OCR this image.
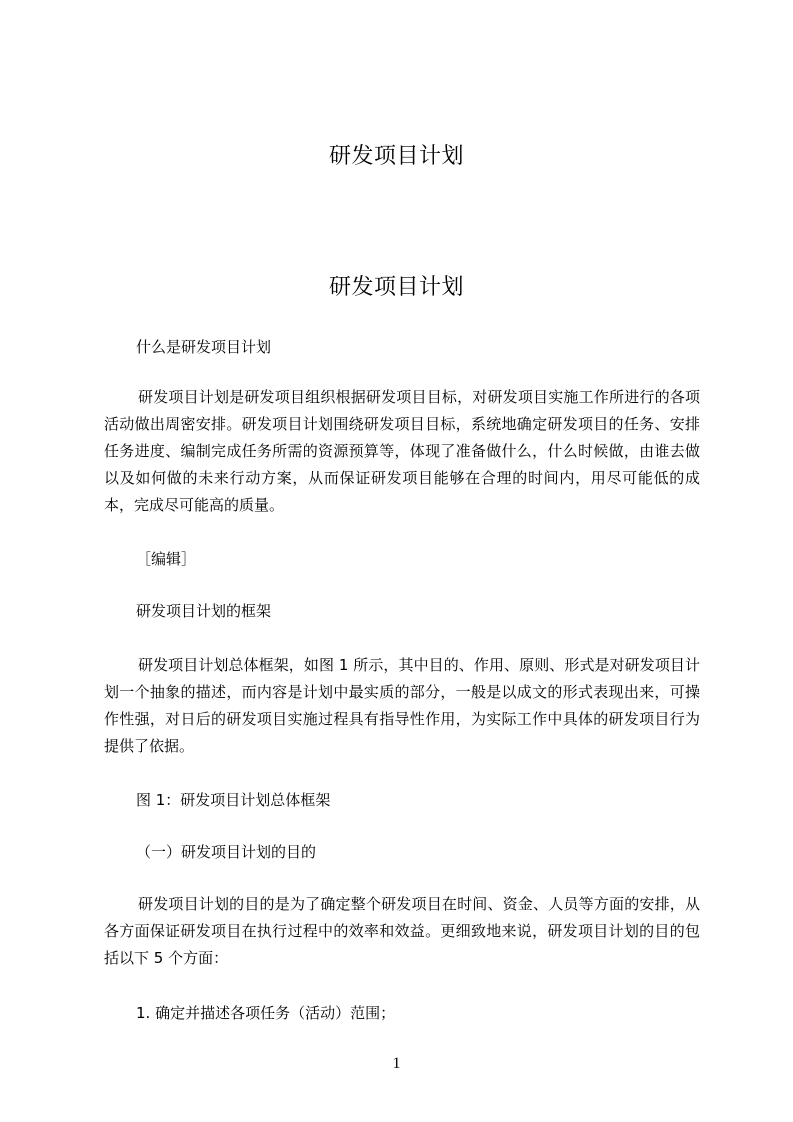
研发项目计划
研发项目计划

什么是研发项目计划

研发项目计划是研发项目组织根据研发项目目标，对研发项目实施工作所进行的各项活动做出周密安排。研发项目计划围绕研发项目目标，系统地确定研发项目的任务、安排任务进度、编制完成任务所需的资源预算等，体现了准备做什么，什么时候做，由谁去做以及如何做的未来行动方案，从而保证研发项目能够在合理的时间内，用尽可能低的成本，完成尽可能高的质量。

［编辑］

研发项目计划的框架

研发项目计划总体框架，如图 1 所示，其中目的、作用、原则、形式是对研发项目计划一个抽象的描述，而内容是计划中最实质的部分，一般是以成文的形式表现出来，可操作性强，对日后的研发项目实施过程具有指导性作用，为实际工作中具体的研发项目行为提供了依据。

图 1：研发项目计划总体框架

（一）研发项目计划的目的

研发项目计划的目的是为了确定整个研发项目在时间、资金、人员等方面的安排，从各方面保证研发项目在执行过程中的效率和效益。更细致地来说，研发项目计划的目的包括以下 5 个方面：

1. 确定并描述各项任务（活动）范围；

1
